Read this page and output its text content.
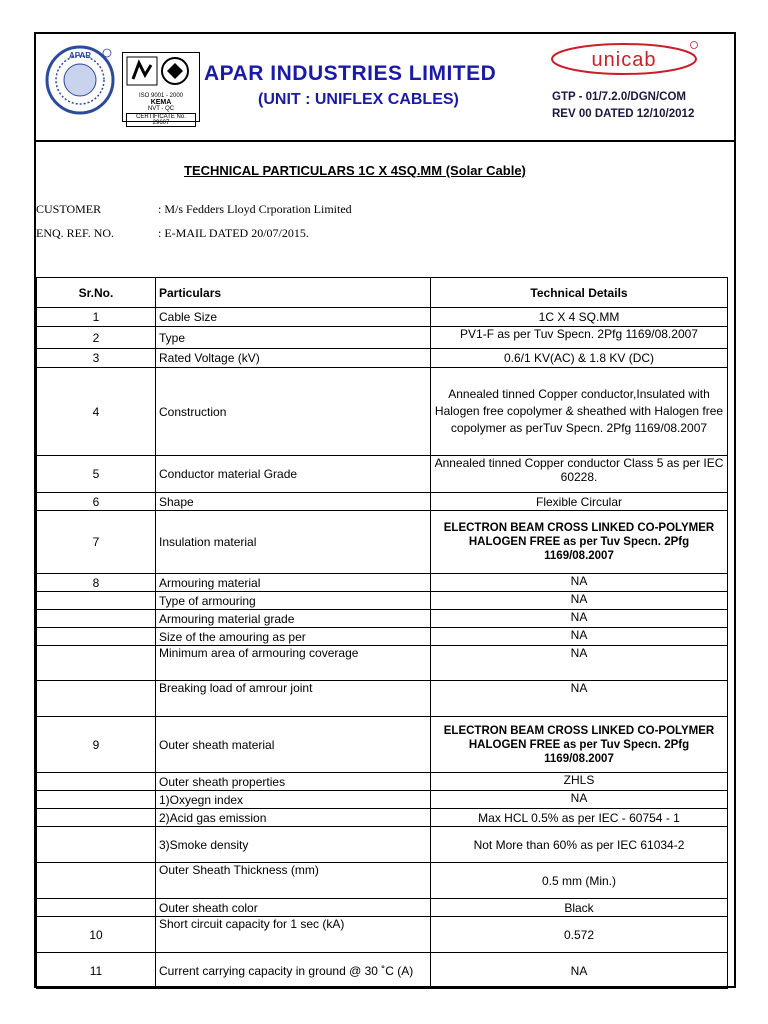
APAR
ISO 9001 - 2000
KEMA
NVT - QC
CERTIFICATE No. 29607
APAR INDUSTRIES LIMITED
(UNIT : UNIFLEX CABLES)
unicab
GTP - 01/7.2.0/DGN/COM
REV 00 DATED 12/10/2012
TECHNICAL PARTICULARS 1C X 4SQ.MM (Solar Cable)
CUSTOMER	: M/s Fedders Lloyd Crporation Limited
ENQ. REF. NO.	: E-MAIL DATED 20/07/2015.
Sr.No.	Particulars	Technical Details
1	Cable Size	1C X 4 SQ.MM
2	Type	PV1-F as per Tuv Specn. 2Pfg 1169/08.2007
3	Rated Voltage (kV)	0.6/1 KV(AC) & 1.8 KV (DC)
4	Construction	Annealed tinned Copper conductor,Insulated with Halogen free copolymer & sheathed with Halogen free copolymer as perTuv Specn. 2Pfg 1169/08.2007
5	Conductor material Grade	Annealed tinned Copper conductor Class 5 as per IEC 60228.
6	Shape	Flexible Circular
7	Insulation material	ELECTRON BEAM CROSS LINKED CO-POLYMER HALOGEN FREE as per Tuv Specn. 2Pfg 1169/08.2007
8	Armouring material	NA
	Type of armouring	NA
	Armouring material grade	NA
	Size of the amouring as per	NA
	Minimum area of armouring coverage	NA
	Breaking load of amrour joint	NA
9	Outer sheath material	ELECTRON BEAM CROSS LINKED CO-POLYMER HALOGEN FREE as per Tuv Specn. 2Pfg 1169/08.2007
	Outer sheath properties	ZHLS
	1)Oxyegn index	NA
	2)Acid gas emission	Max HCL 0.5% as per IEC - 60754 - 1
	3)Smoke density	Not More than 60% as per IEC 61034-2
	Outer Sheath Thickness (mm)	0.5 mm (Min.)
	Outer sheath color	Black
10	Short circuit capacity for 1 sec (kA)	0.572
11	Current carrying capacity in ground @ 30 ˚C (A)	NA
